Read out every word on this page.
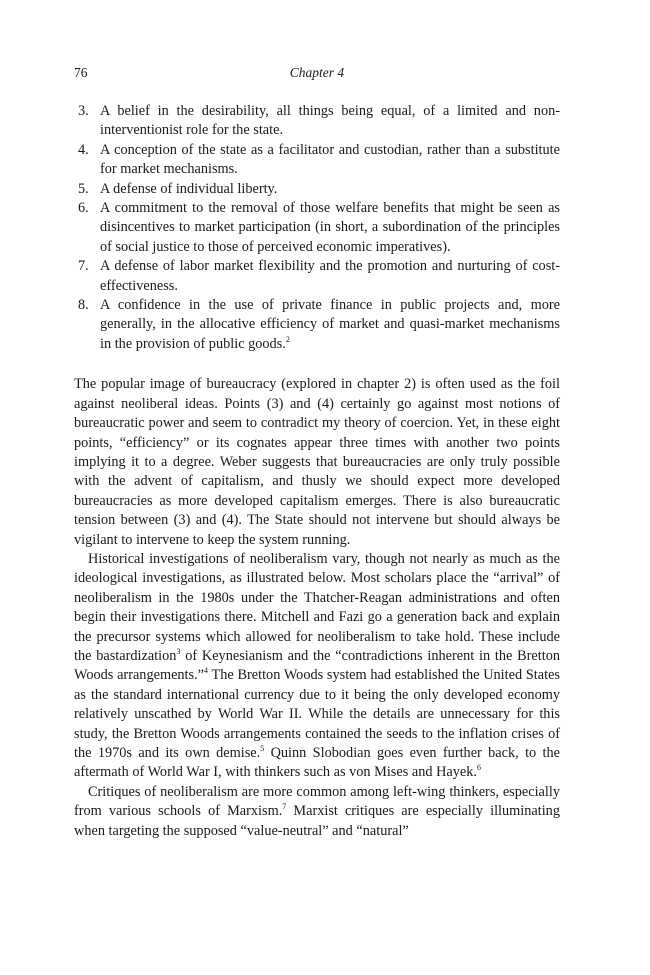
76	Chapter 4
3. A belief in the desirability, all things being equal, of a limited and non-interventionist role for the state.
4. A conception of the state as a facilitator and custodian, rather than a substitute for market mechanisms.
5. A defense of individual liberty.
6. A commitment to the removal of those welfare benefits that might be seen as disincentives to market participation (in short, a subordination of the principles of social justice to those of perceived economic imperatives).
7. A defense of labor market flexibility and the promotion and nurturing of cost-effectiveness.
8. A confidence in the use of private finance in public projects and, more generally, in the allocative efficiency of market and quasi-market mechanisms in the provision of public goods.$^2$

The popular image of bureaucracy (explored in chapter 2) is often used as the foil against neoliberal ideas. Points (3) and (4) certainly go against most notions of bureaucratic power and seem to contradict my theory of coercion. Yet, in these eight points, “efficiency” or its cognates appear three times with another two points implying it to a degree. Weber suggests that bureaucracies are only truly possible with the advent of capitalism, and thusly we should expect more developed bureaucracies as more developed capitalism emerges. There is also bureaucratic tension between (3) and (4). The State should not intervene but should always be vigilant to intervene to keep the system running.

Historical investigations of neoliberalism vary, though not nearly as much as the ideological investigations, as illustrated below. Most scholars place the “arrival” of neoliberalism in the 1980s under the Thatcher-Reagan administrations and often begin their investigations there. Mitchell and Fazi go a generation back and explain the precursor systems which allowed for neoliberalism to take hold. These include the bastardization$^3$ of Keynesianism and the “contradictions inherent in the Bretton Woods arrangements.”$^4$ The Bretton Woods system had established the United States as the standard international currency due to it being the only developed economy relatively unscathed by World War II. While the details are unnecessary for this study, the Bretton Woods arrangements contained the seeds to the inflation crises of the 1970s and its own demise.$^5$ Quinn Slobodian goes even further back, to the aftermath of World War I, with thinkers such as von Mises and Hayek.$^6$

Critiques of neoliberalism are more common among left-wing thinkers, especially from various schools of Marxism.$^7$ Marxist critiques are especially illuminating when targeting the supposed “value-neutral” and “natural”
